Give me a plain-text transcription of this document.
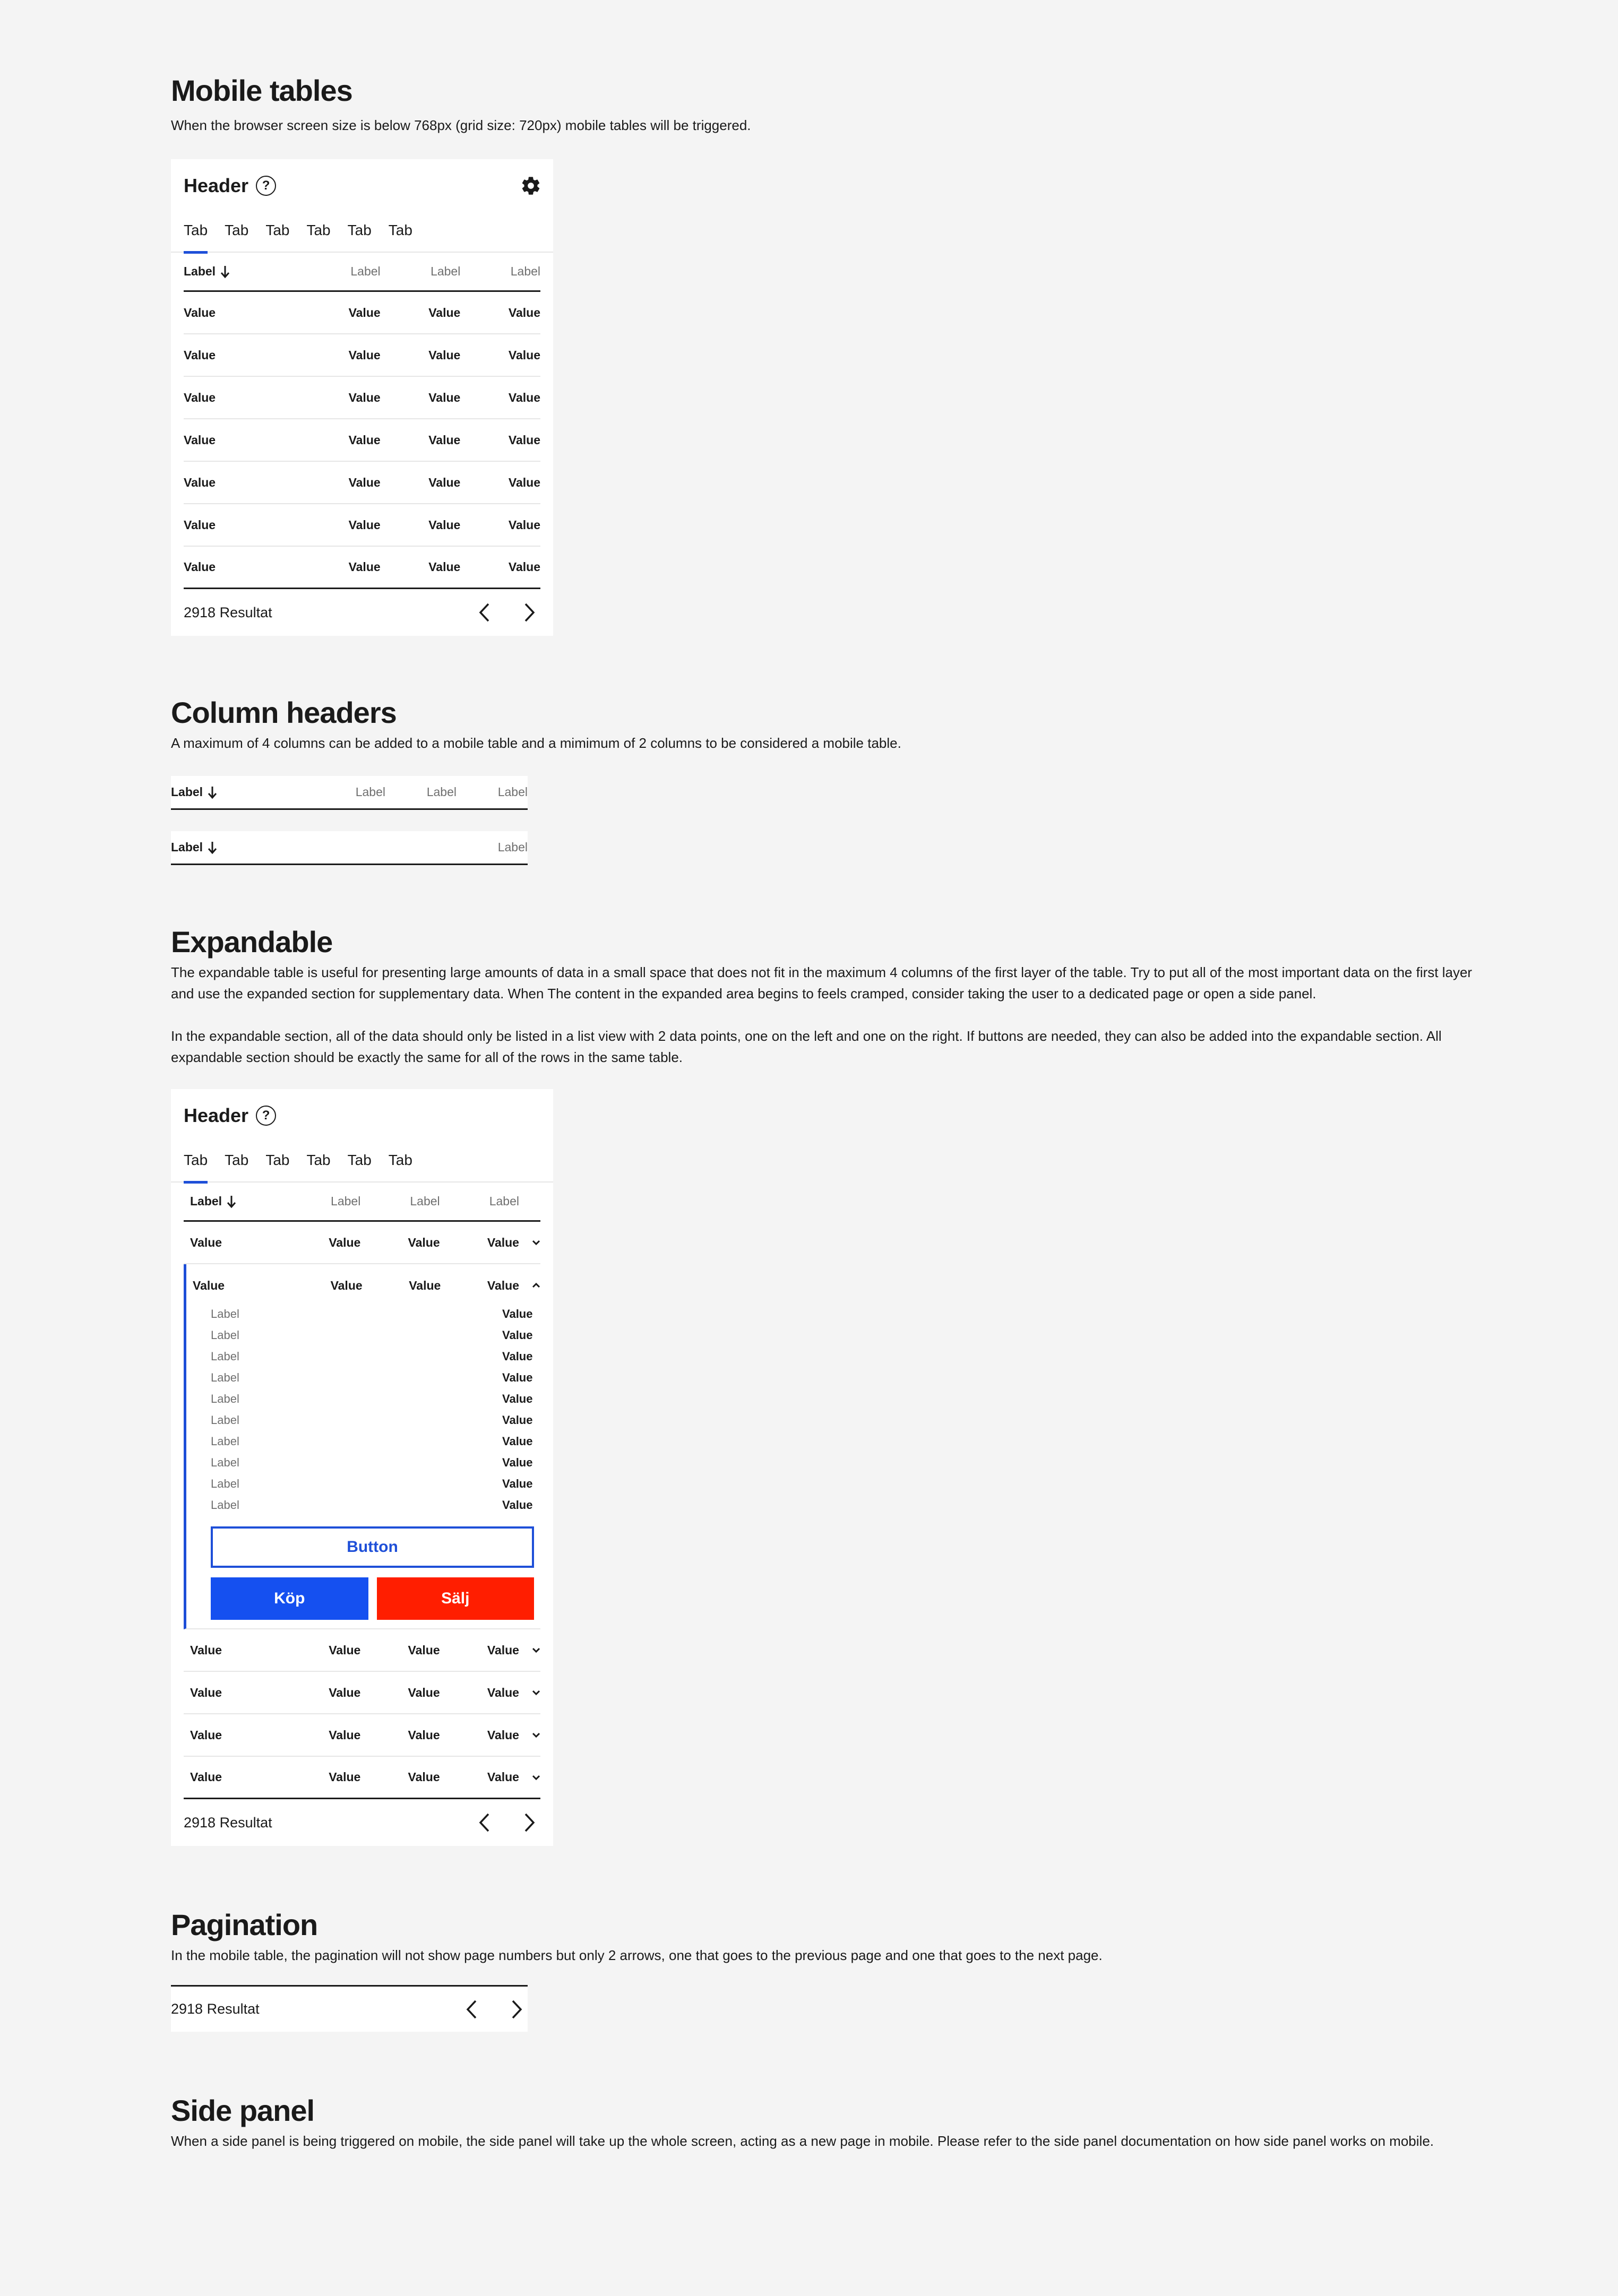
Mobile tables

When the browser screen size is below 768px (grid size: 720px) mobile tables will be triggered.

Header	?
Tab Tab Tab Tab Tab Tab
Label	Label	Label	Label
Value	Value	Value	Value
Value	Value	Value	Value
Value	Value	Value	Value
Value	Value	Value	Value
Value	Value	Value	Value
Value	Value	Value	Value
Value	Value	Value	Value
2918 Resultat
Column headers

A maximum of 4 columns can be added to a mobile table and a mimimum of 2 columns to be considered a mobile table.

Label	Label	Label	Label
Label	Label
Expandable

The expandable table is useful for presenting large amounts of data in a small space that does not fit in the maximum 4 columns of the first layer of the table. Try to put all of the most important data on the first layer and use the expanded section for supplementary data. When The content in the expanded area begins to feels cramped, consider taking the user to a dedicated page or open a side panel.

In the expandable section, all of the data should only be listed in a list view with 2 data points, one on the left and one on the right. If buttons are needed, they can also be added into the expandable section. All expandable section should be exactly the same for all of the rows in the same table.

Header	?
Tab Tab Tab Tab Tab Tab
Label	Label	Label	Label
Value	Value	Value	Value
Value	Value	Value	Value
Label	Value
Label	Value
Label	Value
Label	Value
Label	Value
Label	Value
Label	Value
Label	Value
Label	Value
Label	Value
Button
Köp	Sälj
Value	Value	Value	Value
Value	Value	Value	Value
Value	Value	Value	Value
Value	Value	Value	Value
2918 Resultat
Pagination

In the mobile table, the pagination will not show page numbers but only 2 arrows, one that goes to the previous page and one that goes to the next page.

2918 Resultat
Side panel

When a side panel is being triggered on mobile, the side panel will take up the whole screen, acting as a new page in mobile. Please refer to the side panel documentation on how side panel works on mobile.
